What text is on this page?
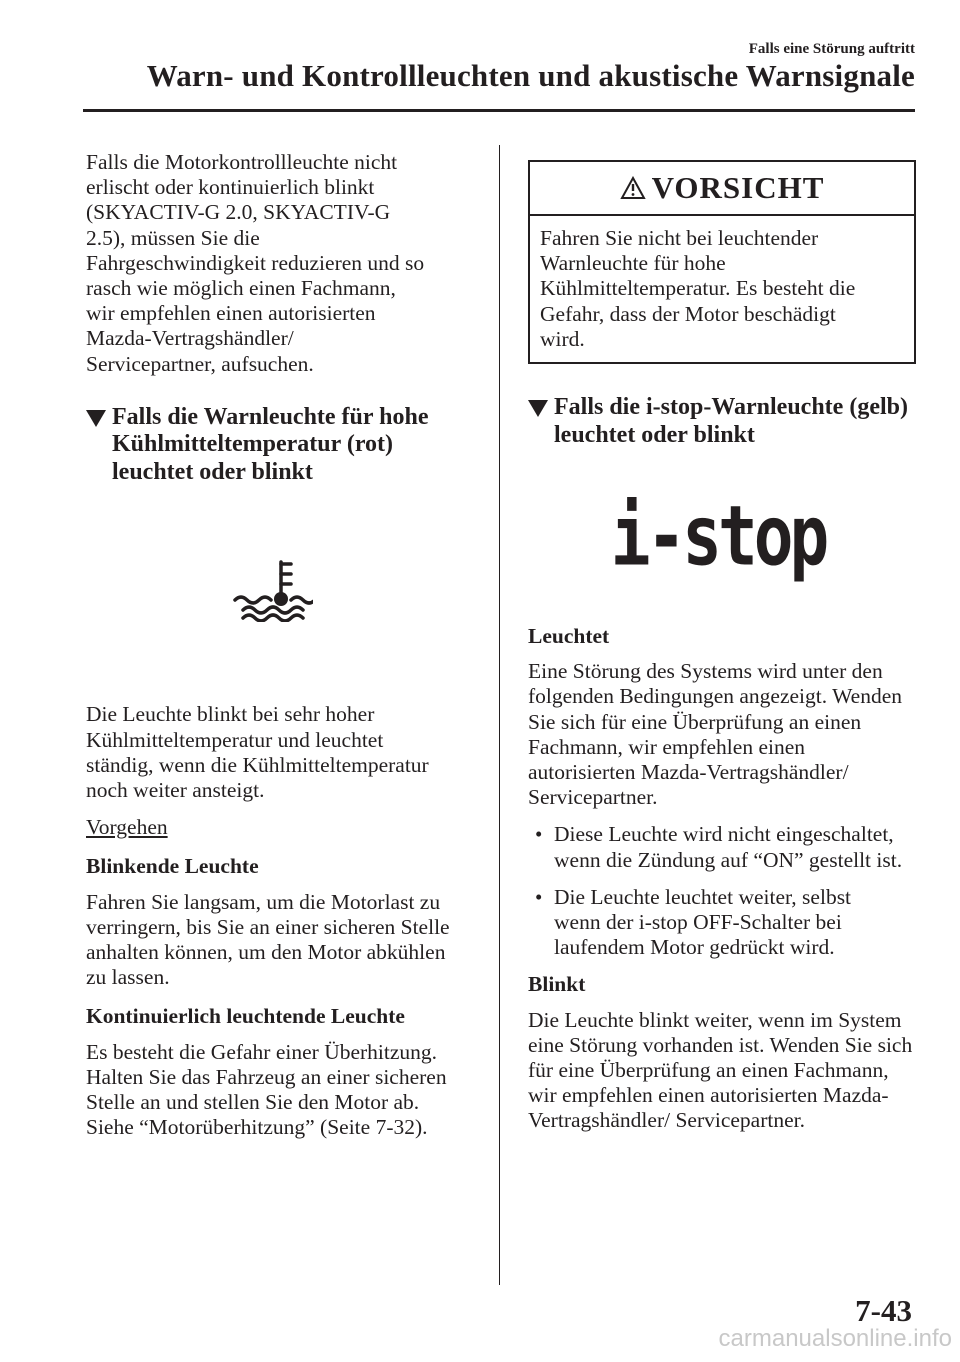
Falls eine Störung auftritt
Warn- und Kontrollleuchten und akustische Warnsignale

Falls die Motorkontrollleuchte nicht erlischt oder kontinuierlich blinkt (SKYACTIV-G 2.0, SKYACTIV-G 2.5), müssen Sie die Fahrgeschwindigkeit reduzieren und so rasch wie möglich einen Fachmann, wir empfehlen einen autorisierten Mazda-Vertragshändler/ Servicepartner, aufsuchen.

Falls die Warnleuchte für hohe Kühlmitteltemperatur (rot) leuchtet oder blinkt

Die Leuchte blinkt bei sehr hoher Kühlmitteltemperatur und leuchtet ständig, wenn die Kühlmitteltemperatur noch weiter ansteigt.

Vorgehen

Blinkende Leuchte

Fahren Sie langsam, um die Motorlast zu verringern, bis Sie an einer sicheren Stelle anhalten können, um den Motor abkühlen zu lassen.

Kontinuierlich leuchtende Leuchte

Es besteht die Gefahr einer Überhitzung. Halten Sie das Fahrzeug an einer sicheren Stelle an und stellen Sie den Motor ab. Siehe “Motorüberhitzung” (Seite 7-32).

VORSICHT

Fahren Sie nicht bei leuchtender Warnleuchte für hohe Kühlmitteltemperatur. Es besteht die Gefahr, dass der Motor beschädigt wird.

Falls die i-stop-Warnleuchte (gelb) leuchtet oder blinkt
i-stop

Leuchtet

Eine Störung des Systems wird unter den folgenden Bedingungen angezeigt. Wenden Sie sich für eine Überprüfung an einen Fachmann, wir empfehlen einen autorisierten Mazda-Vertragshändler/ Servicepartner.

• Diese Leuchte wird nicht eingeschaltet, wenn die Zündung auf “ON” gestellt ist.

• Die Leuchte leuchtet weiter, selbst wenn der i-stop OFF-Schalter bei laufendem Motor gedrückt wird.

Blinkt

Die Leuchte blinkt weiter, wenn im System eine Störung vorhanden ist. Wenden Sie sich für eine Überprüfung an einen Fachmann, wir empfehlen einen autorisierten Mazda-Vertragshändler/ Servicepartner.

7-43
carmanualsonline.info
